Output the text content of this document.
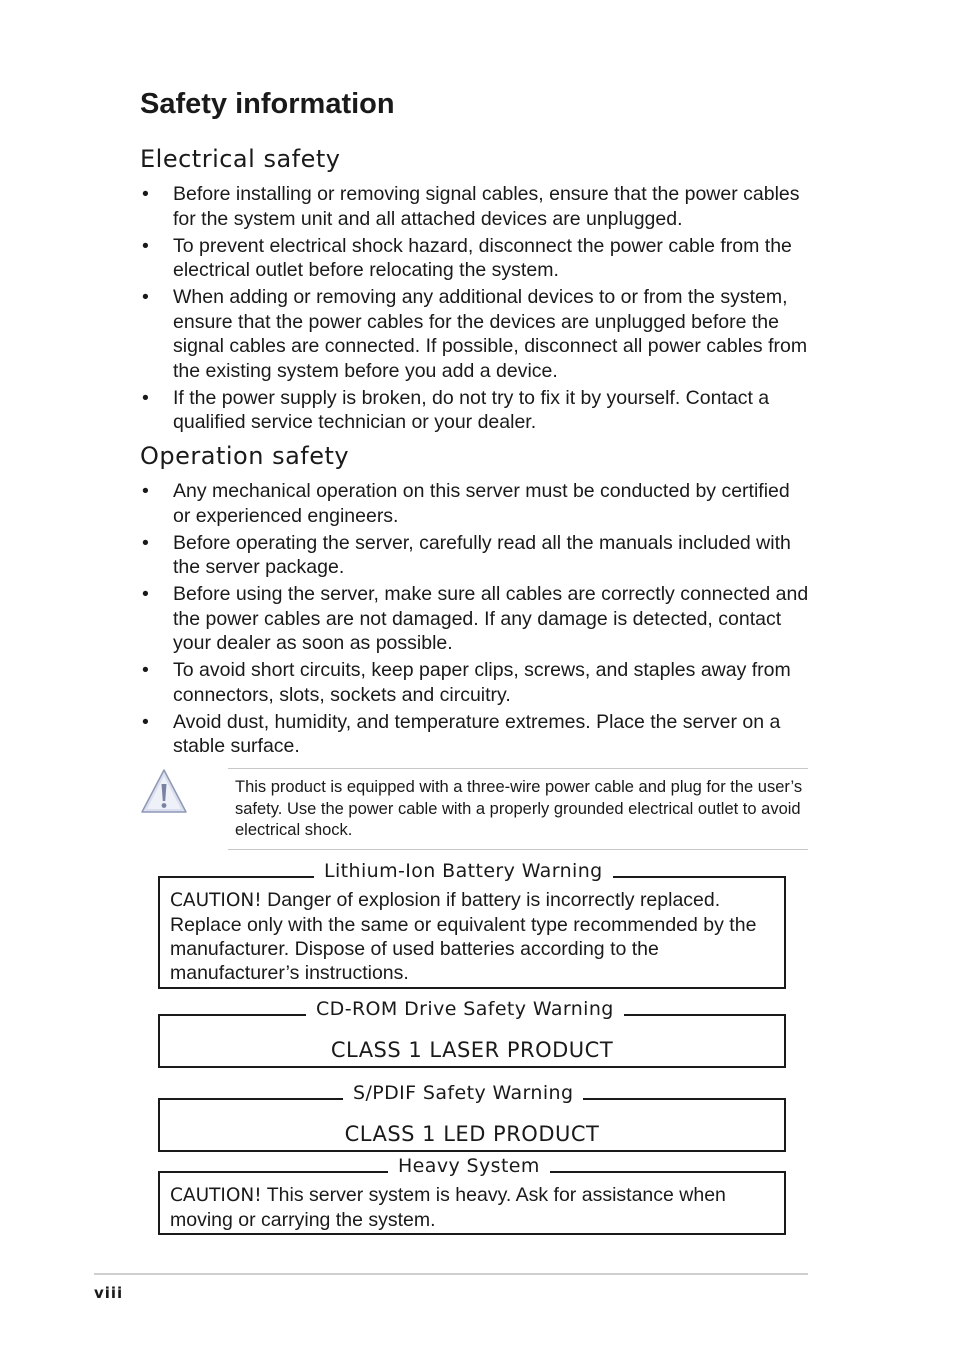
Safety information
Electrical safety
• Before installing or removing signal cables, ensure that the power cables for the system unit and all attached devices are unplugged.
• To prevent electrical shock hazard, disconnect the power cable from the electrical outlet before relocating the system.
• When adding or removing any additional devices to or from the system, ensure that the power cables for the devices are unplugged before the signal cables are connected. If possible, disconnect all power cables from the existing system before you add a device.
• If the power supply is broken, do not try to fix it by yourself. Contact a qualified service technician or your dealer.
Operation safety
• Any mechanical operation on this server must be conducted by certified or experienced engineers.
• Before operating the server, carefully read all the manuals included with the server package.
• Before using the server, make sure all cables are correctly connected and the power cables are not damaged. If any damage is detected, contact your dealer as soon as possible.
• To avoid short circuits, keep paper clips, screws, and staples away from connectors, slots, sockets and circuitry.
• Avoid dust, humidity, and temperature extremes. Place the server on a stable surface.

This product is equipped with a three-wire power cable and plug for the user’s safety. Use the power cable with a properly grounded electrical outlet to avoid electrical shock.

Lithium-Ion Battery Warning

CAUTION! Danger of explosion if battery is incorrectly replaced. Replace only with the same or equivalent type recommended by the manufacturer. Dispose of used batteries according to the manufacturer’s instructions.

CD-ROM Drive Safety Warning
CLASS 1 LASER PRODUCT
S/PDIF Safety Warning
CLASS 1 LED PRODUCT
Heavy System

CAUTION! This server system is heavy. Ask for assistance when moving or carrying the system.

viii
